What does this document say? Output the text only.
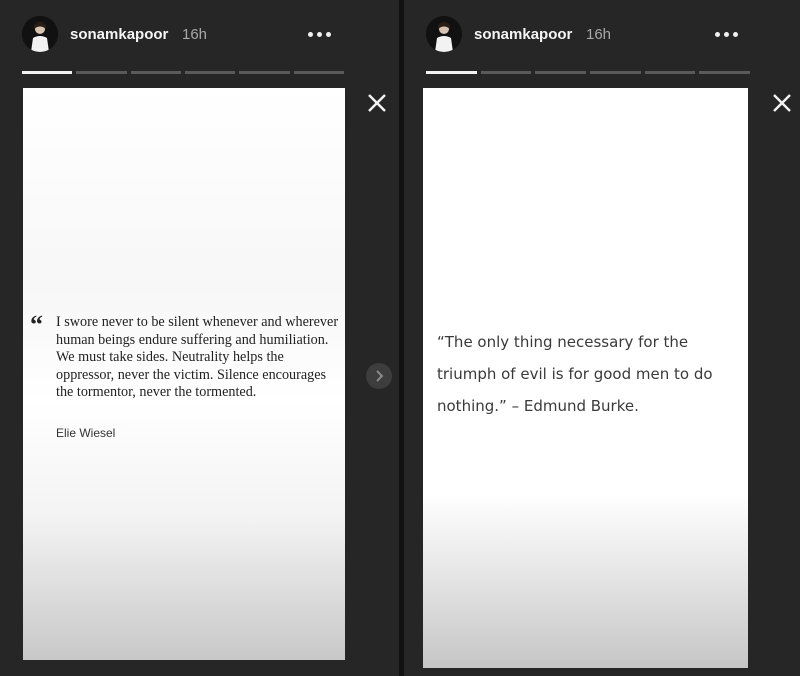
sonamkapoor 16h
“ I swore never to be silent whenever and wherever human beings endure suffering and humiliation. We must take sides. Neutrality helps the oppressor, never the victim. Silence encourages the tormentor, never the tormented.
Elie Wiesel
sonamkapoor 16h
“The only thing necessary for the triumph of evil is for good men to do nothing.” – Edmund Burke.
